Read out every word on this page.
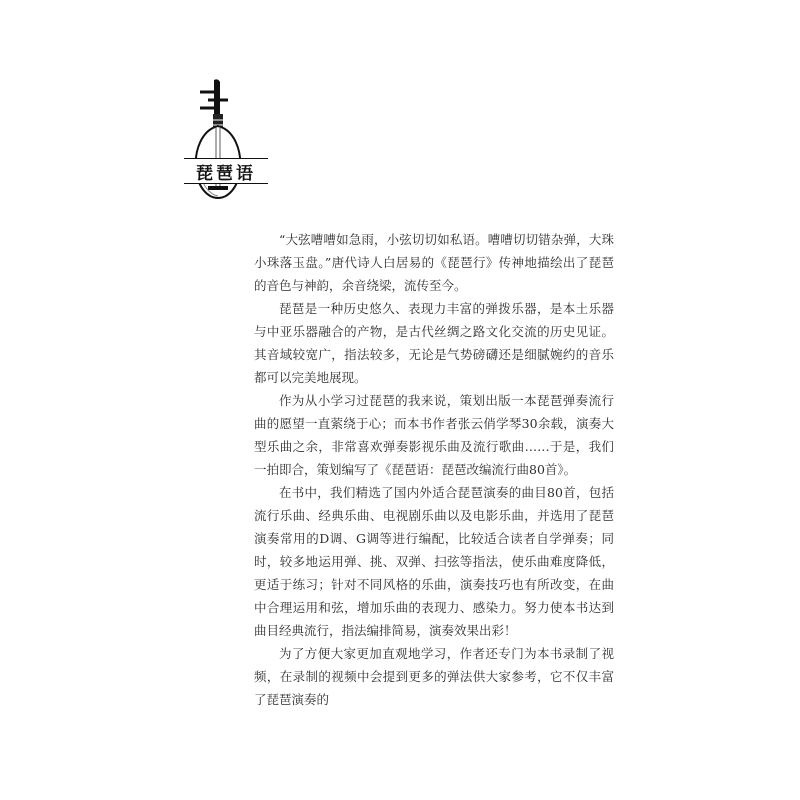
琵琶语

“大弦嘈嘈如急雨，小弦切切如私语。嘈嘈切切错杂弹，大珠小珠落玉盘。”唐代诗人白居易的《琵琶行》传神地描绘出了琵琶的音色与神韵，余音绕梁，流传至今。

琵琶是一种历史悠久、表现力丰富的弹拨乐器，是本土乐器与中亚乐器融合的产物，是古代丝绸之路文化交流的历史见证。其音域较宽广，指法较多，无论是气势磅礴还是细腻婉约的音乐都可以完美地展现。

作为从小学习过琵琶的我来说，策划出版一本琵琶弹奏流行曲的愿望一直萦绕于心；而本书作者张云俏学琴30余载，演奏大型乐曲之余，非常喜欢弹奏影视乐曲及流行歌曲……于是，我们一拍即合，策划编写了《琵琶语：琵琶改编流行曲80首》。

在书中，我们精选了国内外适合琵琶演奏的曲目80首，包括流行乐曲、经典乐曲、电视剧乐曲以及电影乐曲，并选用了琵琶演奏常用的D调、G调等进行编配，比较适合读者自学弹奏；同时，较多地运用弹、挑、双弹、扫弦等指法，使乐曲难度降低，更适于练习；针对不同风格的乐曲，演奏技巧也有所改变，在曲中合理运用和弦，增加乐曲的表现力、感染力。努力使本书达到曲目经典流行，指法编排简易，演奏效果出彩！

为了方便大家更加直观地学习，作者还专门为本书录制了视频，在录制的视频中会提到更多的弹法供大家参考，它不仅丰富了琵琶演奏的
